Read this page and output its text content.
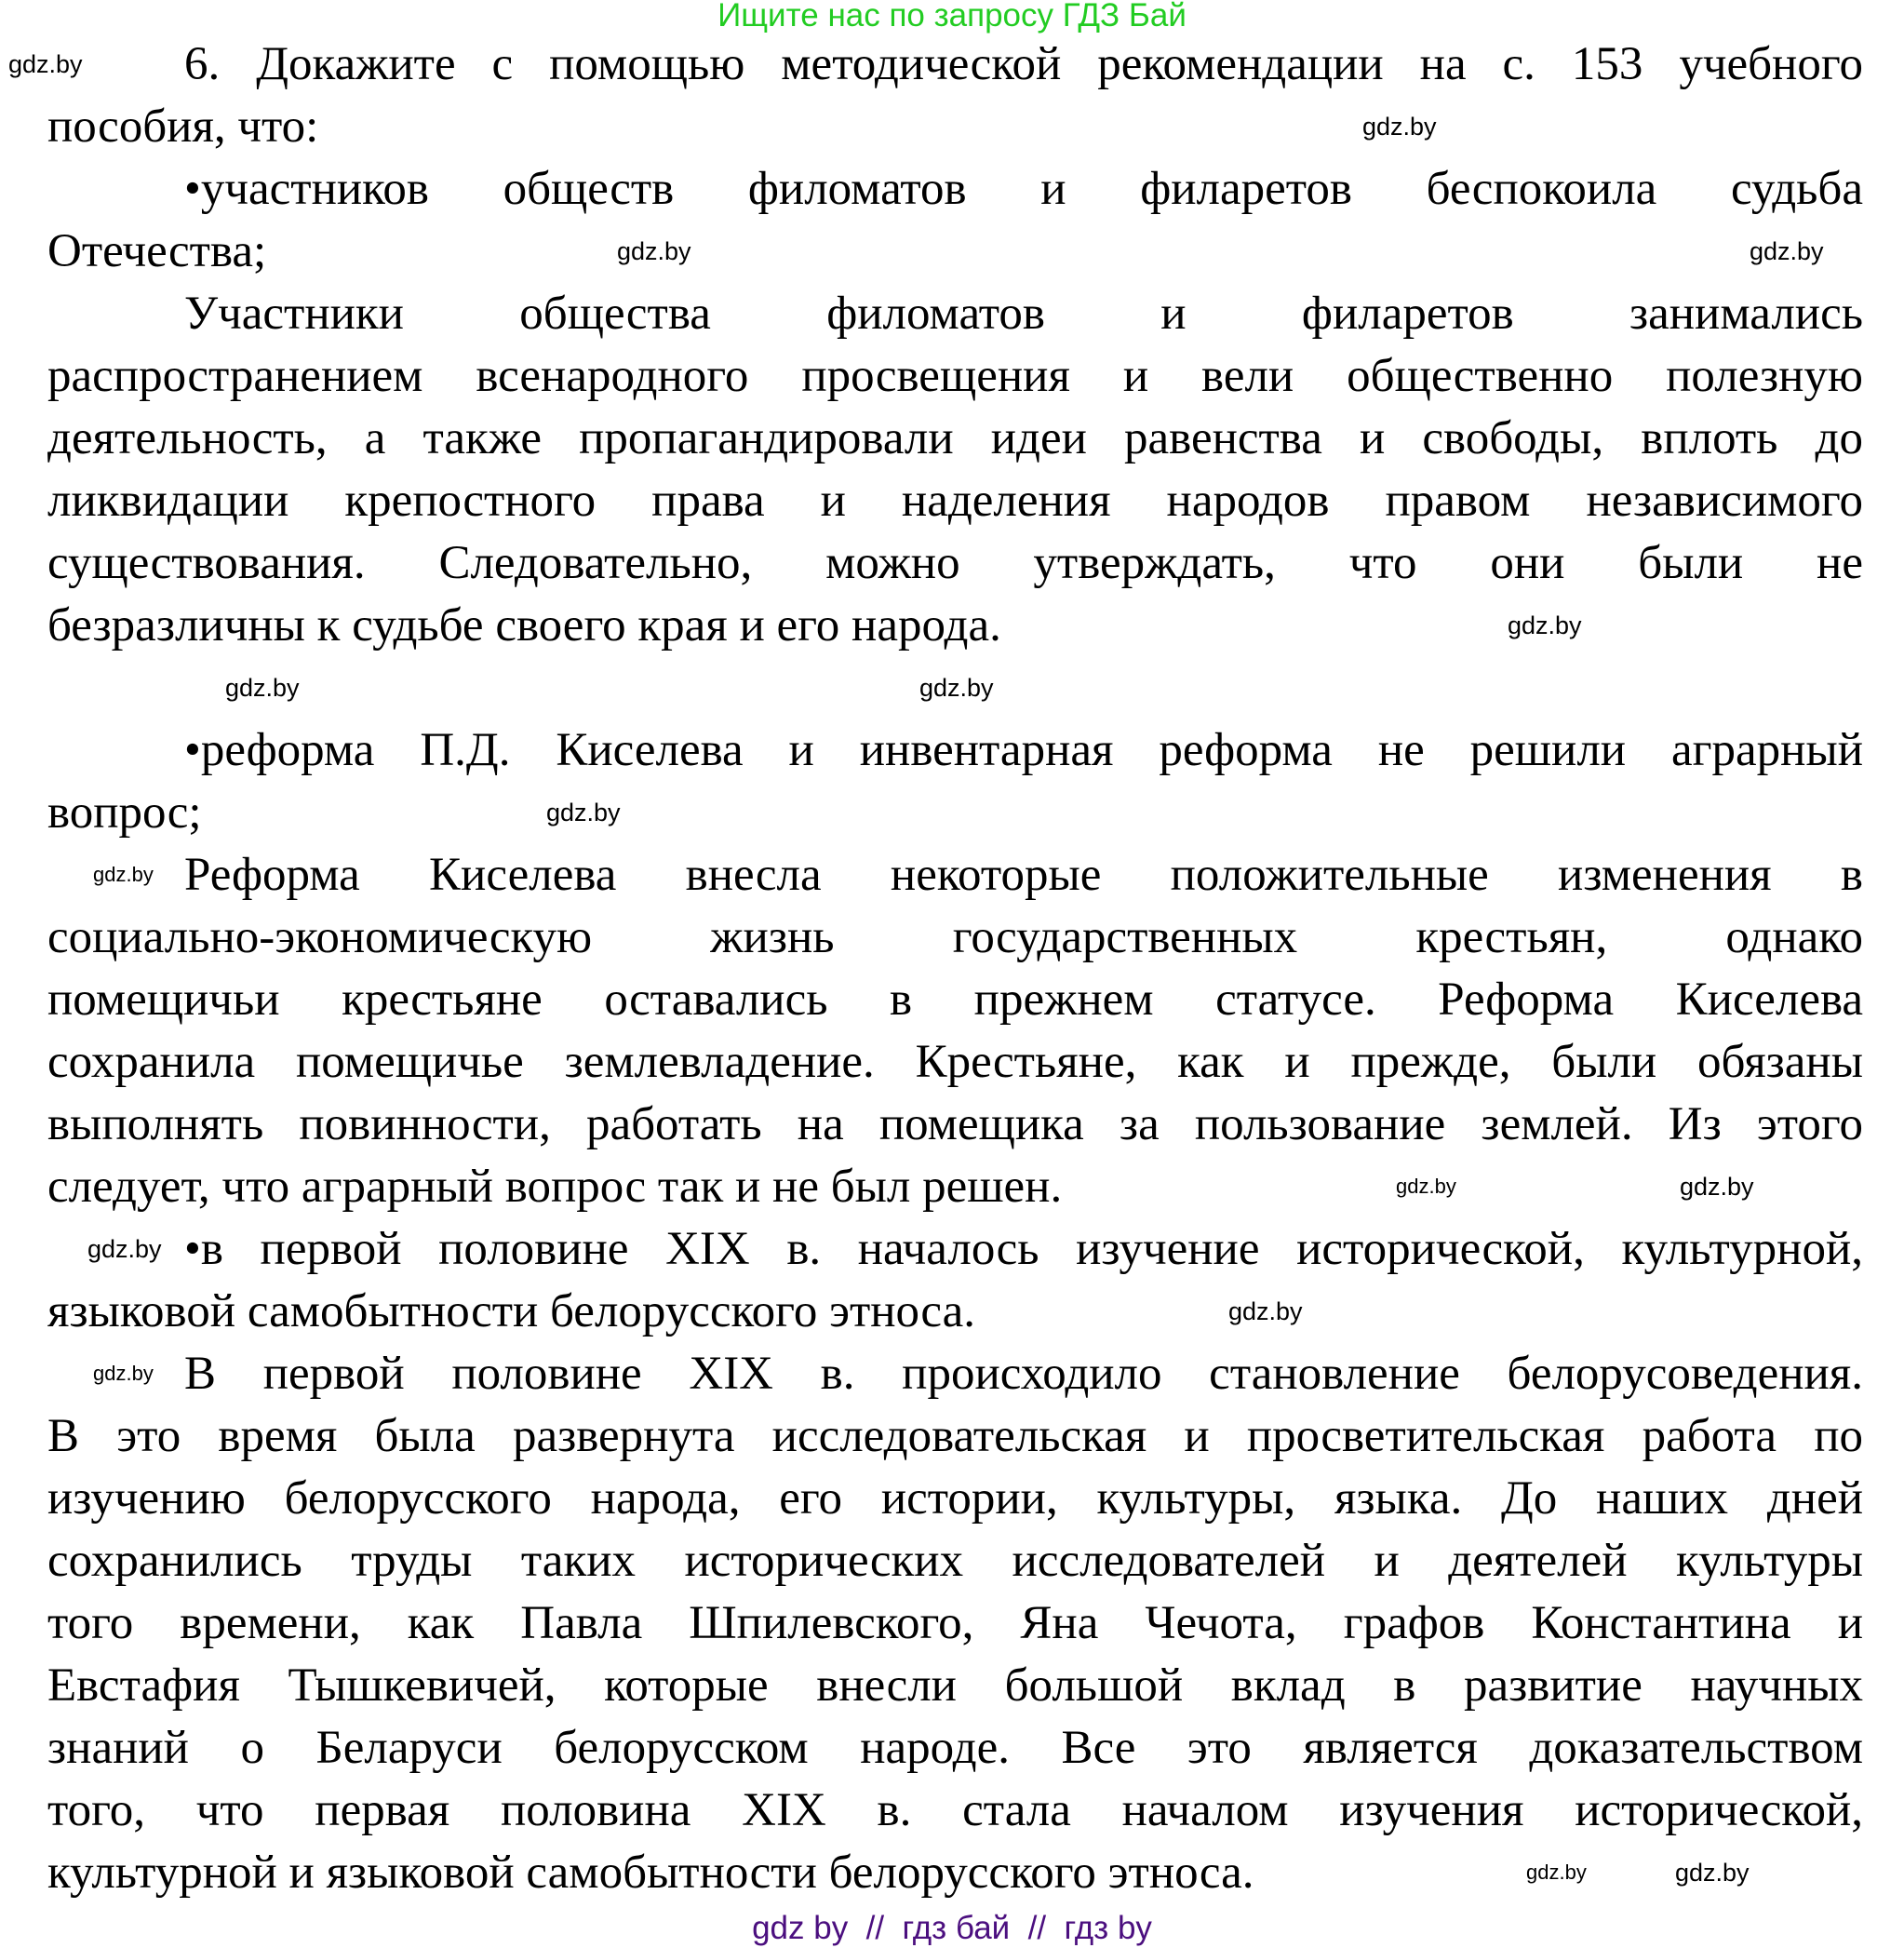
Ищите нас по запросу ГДЗ Бай
6. Докажите с помощью методической рекомендации на с. 153 учебного
пособия, что:
•участников обществ филоматов и филаретов беспокоила судьба
Отечества;
Участники общества филоматов и филаретов занимались
распространением всенародного просвещения и вели общественно полезную
деятельность, а также пропагандировали идеи равенства и свободы, вплоть до
ликвидации крепостного права и наделения народов правом независимого
существования. Следовательно, можно утверждать, что они были не
безразличны к судьбе своего края и его народа.
•реформа П.Д. Киселева и инвентарная реформа не решили аграрный
вопрос;
Реформа Киселева внесла некоторые положительные изменения в
социально-экономическую жизнь государственных крестьян, однако
помещичьи крестьяне оставались в прежнем статусе. Реформа Киселева
сохранила помещичье землевладение. Крестьяне, как и прежде, были обязаны
выполнять повинности, работать на помещика за пользование землей. Из этого
следует, что аграрный вопрос так и не был решен.
•в первой половине XIX в. началось изучение исторической, культурной,
языковой самобытности белорусского этноса.
В первой половине XIX в. происходило становление белорусоведения.
В это время была развернута исследовательская и просветительская работа по
изучению белорусского народа, его истории, культуры, языка. До наших дней
сохранились труды таких исторических исследователей и деятелей культуры
того времени, как Павла Шпилевского, Яна Чечота, графов Константина и
Евстафия Тышкевичей, которые внесли большой вклад в развитие научных
знаний о Беларуси белорусском народе. Все это является доказательством
того, что первая половина XIX в. стала началом изучения исторической,
культурной и языковой самобытности белорусского этноса.
gdz.by
gdz.by
gdz.by	gdz.by
gdz.by
gdz.by	gdz.by
gdz.by
gdz.by	gdz.by
gdz.by
gdz.by
gdz.by
gdz.by
gdz.by
gdz.by
gdz by  //  гдз бай  //  гдз by
